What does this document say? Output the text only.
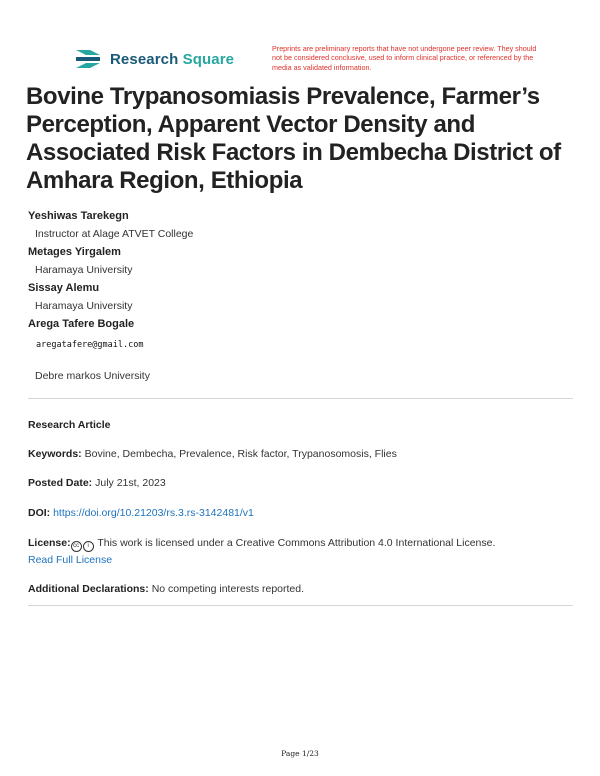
Research Square
Preprints are preliminary reports that have not undergone peer review. They should not be considered conclusive, used to inform clinical practice, or referenced by the media as validated information.
Bovine Trypanosomiasis Prevalence, Farmer’s Perception, Apparent Vector Density and Associated Risk Factors in Dembecha District of Amhara Region, Ethiopia
Yeshiwas Tarekegn
Instructor at Alage ATVET College
Metages Yirgalem
Haramaya University
Sissay Alemu
Haramaya University
Arega Tafere Bogale
aregatafere@gmail.com
Debre markos University
Research Article
Keywords: Bovine, Dembecha, Prevalence, Risk factor, Trypanosomosis, Flies
Posted Date: July 21st, 2023
DOI: https://doi.org/10.21203/rs.3.rs-3142481/v1
License: cc i This work is licensed under a Creative Commons Attribution 4.0 International License.
Read Full License
Additional Declarations: No competing interests reported.
Page 1/23
